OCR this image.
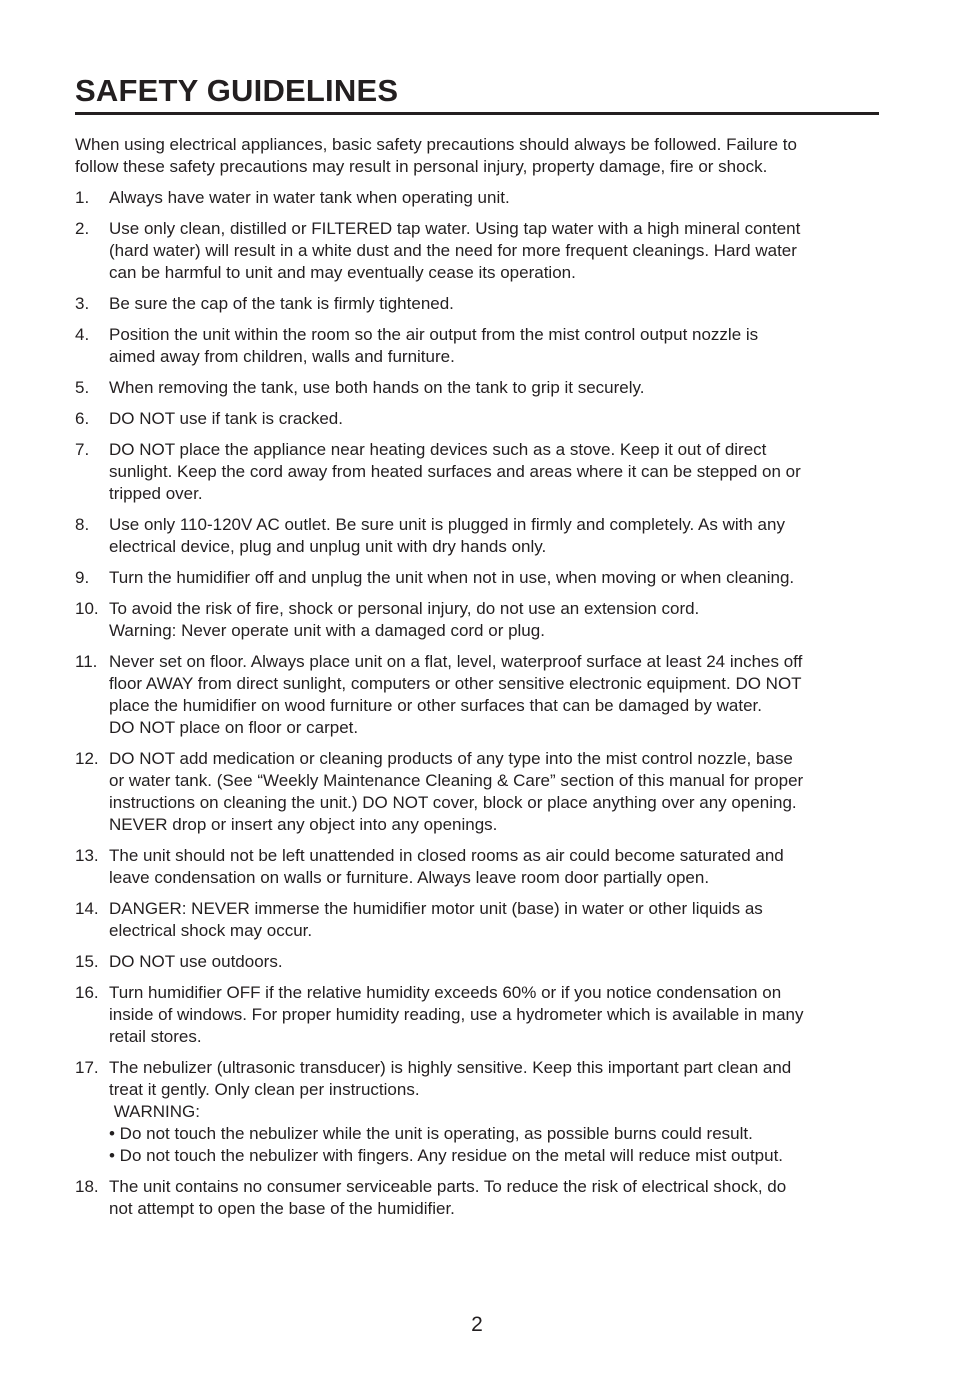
SAFETY GUIDELINES

When using electrical appliances, basic safety precautions should always be followed. Failure to
follow these safety precautions may result in personal injury, property damage, fire or shock.

1. Always have water in water tank when operating unit.
2. Use only clean, distilled or FILTERED tap water. Using tap water with a high mineral content
(hard water) will result in a white dust and the need for more frequent cleanings. Hard water
can be harmful to unit and may eventually cease its operation.
3. Be sure the cap of the tank is firmly tightened.
4. Position the unit within the room so the air output from the mist control output nozzle is
aimed away from children, walls and furniture.
5. When removing the tank, use both hands on the tank to grip it securely.
6. DO NOT use if tank is cracked.
7. DO NOT place the appliance near heating devices such as a stove. Keep it out of direct
sunlight. Keep the cord away from heated surfaces and areas where it can be stepped on or
tripped over.
8. Use only 110-120V AC outlet. Be sure unit is plugged in firmly and completely. As with any
electrical device, plug and unplug unit with dry hands only.
9. Turn the humidifier off and unplug the unit when not in use, when moving or when cleaning.
10. To avoid the risk of fire, shock or personal injury, do not use an extension cord.
Warning: Never operate unit with a damaged cord or plug.
11. Never set on floor. Always place unit on a flat, level, waterproof surface at least 24 inches off
floor AWAY from direct sunlight, computers or other sensitive electronic equipment. DO NOT
place the humidifier on wood furniture or other surfaces that can be damaged by water.
DO NOT place on floor or carpet.
12. DO NOT add medication or cleaning products of any type into the mist control nozzle, base
or water tank. (See “Weekly Maintenance Cleaning & Care” section of this manual for proper
instructions on cleaning the unit.) DO NOT cover, block or place anything over any opening.
NEVER drop or insert any object into any openings.
13. The unit should not be left unattended in closed rooms as air could become saturated and
leave condensation on walls or furniture. Always leave room door partially open.
14. DANGER: NEVER immerse the humidifier motor unit (base) in water or other liquids as
electrical shock may occur.
15. DO NOT use outdoors.
16. Turn humidifier OFF if the relative humidity exceeds 60% or if you notice condensation on
inside of windows. For proper humidity reading, use a hydrometer which is available in many
retail stores.
17. The nebulizer (ultrasonic transducer) is highly sensitive. Keep this important part clean and
treat it gently. Only clean per instructions.
WARNING:
• Do not touch the nebulizer while the unit is operating, as possible burns could result.
• Do not touch the nebulizer with fingers. Any residue on the metal will reduce mist output.
18. The unit contains no consumer serviceable parts. To reduce the risk of electrical shock, do
not attempt to open the base of the humidifier.
2
